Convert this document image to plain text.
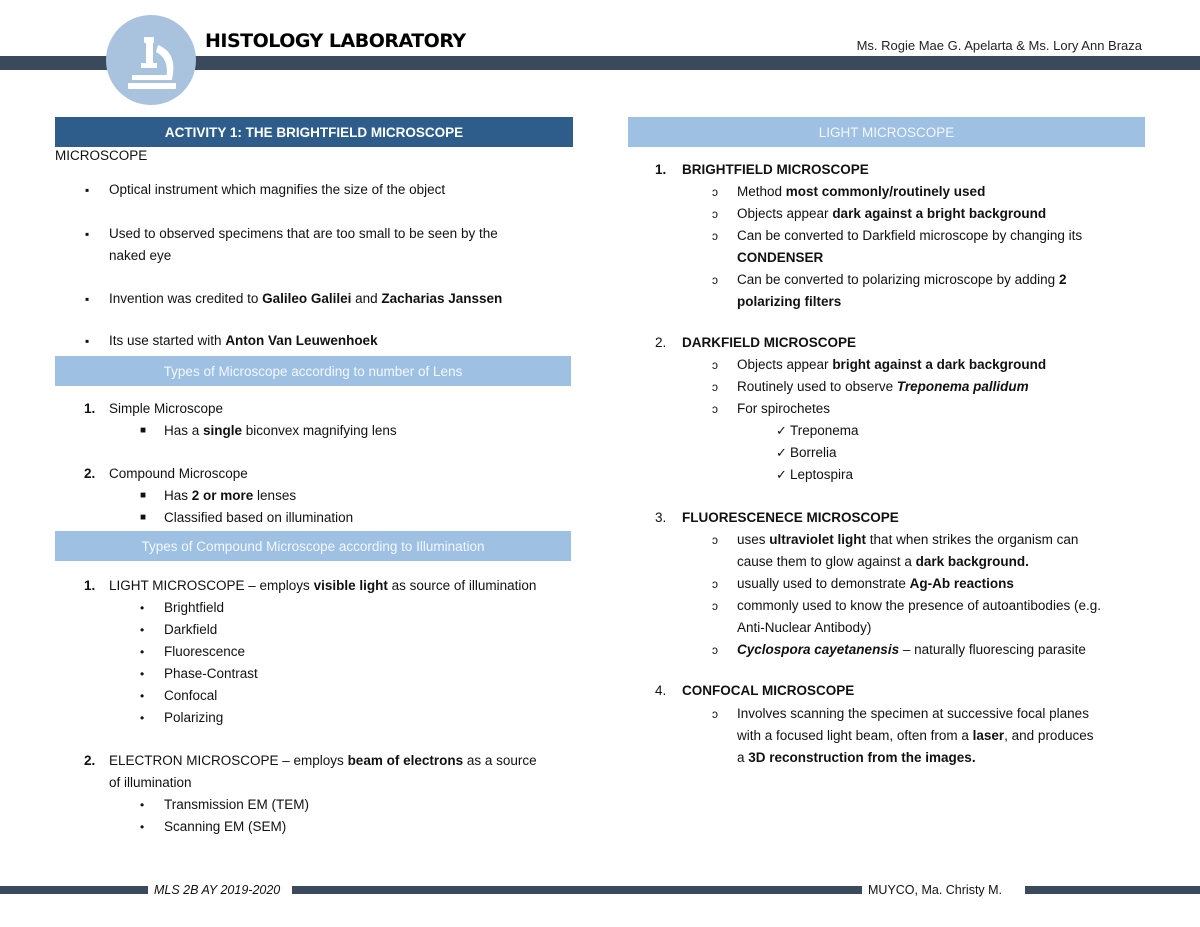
HISTOLOGY LABORATORY	Ms. Rogie Mae G. Apelarta & Ms. Lory Ann Braza
ACTIVITY 1: THE BRIGHTFIELD MICROSCOPE
MICROSCOPE
▪ Optical instrument which magnifies the size of the object
▪ Used to observed specimens that are too small to be seen by the
naked eye
▪ Invention was credited to Galileo Galilei and Zacharias Janssen
▪ Its use started with Anton Van Leuwenhoek
Types of Microscope according to number of Lens
1. Simple Microscope
■ Has a single biconvex magnifying lens
2. Compound Microscope
■ Has 2 or more lenses
■ Classified based on illumination
Types of Compound Microscope according to Illumination
1. LIGHT MICROSCOPE – employs visible light as source of illumination
• Brightfield
• Darkfield
• Fluorescence
• Phase-Contrast
• Confocal
• Polarizing
2. ELECTRON MICROSCOPE – employs beam of electrons as a source
of illumination
• Transmission EM (TEM)
• Scanning EM (SEM)
LIGHT MICROSCOPE
1. BRIGHTFIELD MICROSCOPE
ↄ Method most commonly/routinely used
ↄ Objects appear dark against a bright background
ↄ Can be converted to Darkfield microscope by changing its
CONDENSER
ↄ Can be converted to polarizing microscope by adding 2
polarizing filters
2. DARKFIELD MICROSCOPE
ↄ Objects appear bright against a dark background
ↄ Routinely used to observe Treponema pallidum
ↄ For spirochetes
✓ Treponema
✓ Borrelia
✓ Leptospira
3. FLUORESCENECE MICROSCOPE
ↄ uses ultraviolet light that when strikes the organism can
cause them to glow against a dark background.
ↄ usually used to demonstrate Ag-Ab reactions
ↄ commonly used to know the presence of autoantibodies (e.g.
Anti-Nuclear Antibody)
ↄ Cyclospora cayetanensis – naturally fluorescing parasite
4. CONFOCAL MICROSCOPE
ↄ Involves scanning the specimen at successive focal planes
with a focused light beam, often from a laser, and produces
a 3D reconstruction from the images.
MLS 2B AY 2019-2020	MUYCO, Ma. Christy M.
